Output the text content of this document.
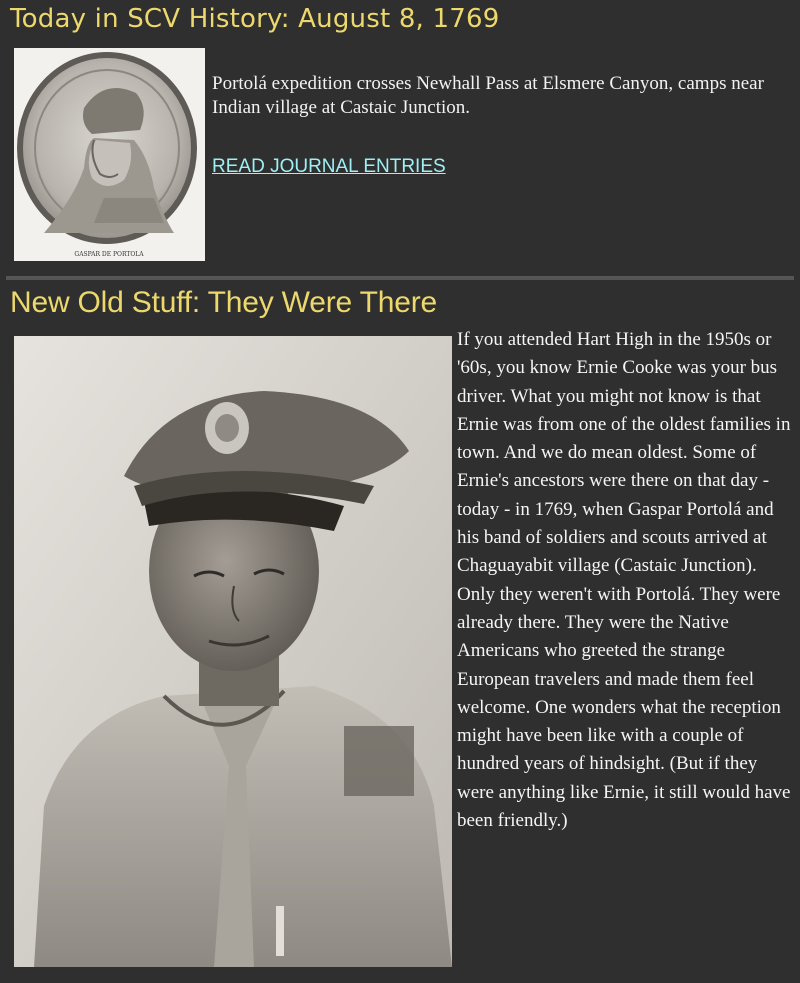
Today in SCV History: August 8, 1769
GASPAR DE PORTOLA
Portolá expedition crosses Newhall Pass at Elsmere Canyon, camps near Indian village at Castaic Junction.
READ JOURNAL ENTRIES
New Old Stuff: They Were There
If you attended Hart High in the 1950s or '60s, you know Ernie Cooke was your bus driver. What you might not know is that Ernie was from one of the oldest families in town. And we do mean oldest. Some of Ernie's ancestors were there on that day - today - in 1769, when Gaspar Portolá and his band of soldiers and scouts arrived at Chaguayabit village (Castaic Junction). Only they weren't with Portolá. They were already there. They were the Native Americans who greeted the strange European travelers and made them feel welcome. One wonders what the reception might have been like with a couple of hundred years of hindsight. (But if they were anything like Ernie, it still would have been friendly.)
